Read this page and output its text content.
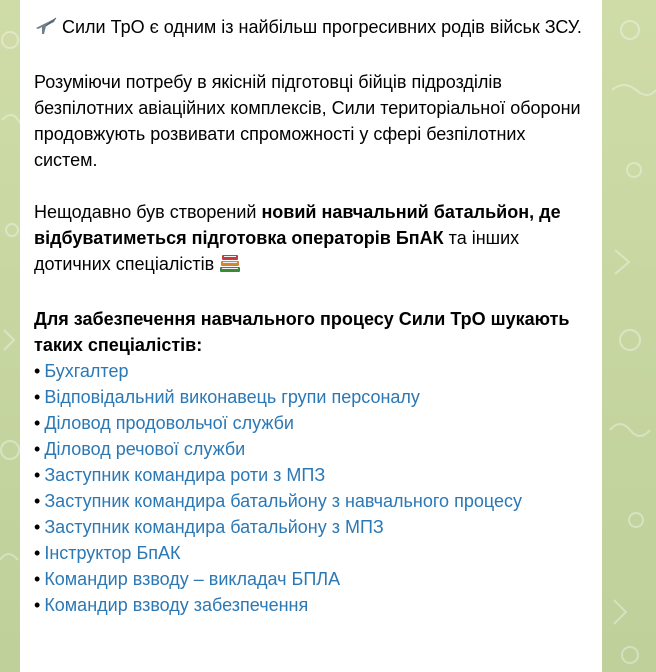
Сили ТрО є одним із найбільш прогресивних родів військ ЗСУ.

Розуміючи потребу в якісній підготовці бійців підрозділів безпілотних авіаційних комплексів, Сили територіальної оборони продовжують розвивати спроможності у сфері безпілотних систем.

Нещодавно був створений новий навчальний батальйон, де відбуватиметься підготовка операторів БпАК та інших дотичних спеціалістів

Для забезпечення навчального процесу Сили ТрО шукають таких спеціалістів:

• Бухгалтер
• Відповідальний виконавець групи персоналу
• Діловод продовольчої служби
• Діловод речової служби
• Заступник командира роти з МПЗ
• Заступник командира батальйону з навчального процесу
• Заступник командира батальйону з МПЗ
• Інструктор БпАК
• Командир взводу – викладач БПЛА
• Командир взводу забезпечення
